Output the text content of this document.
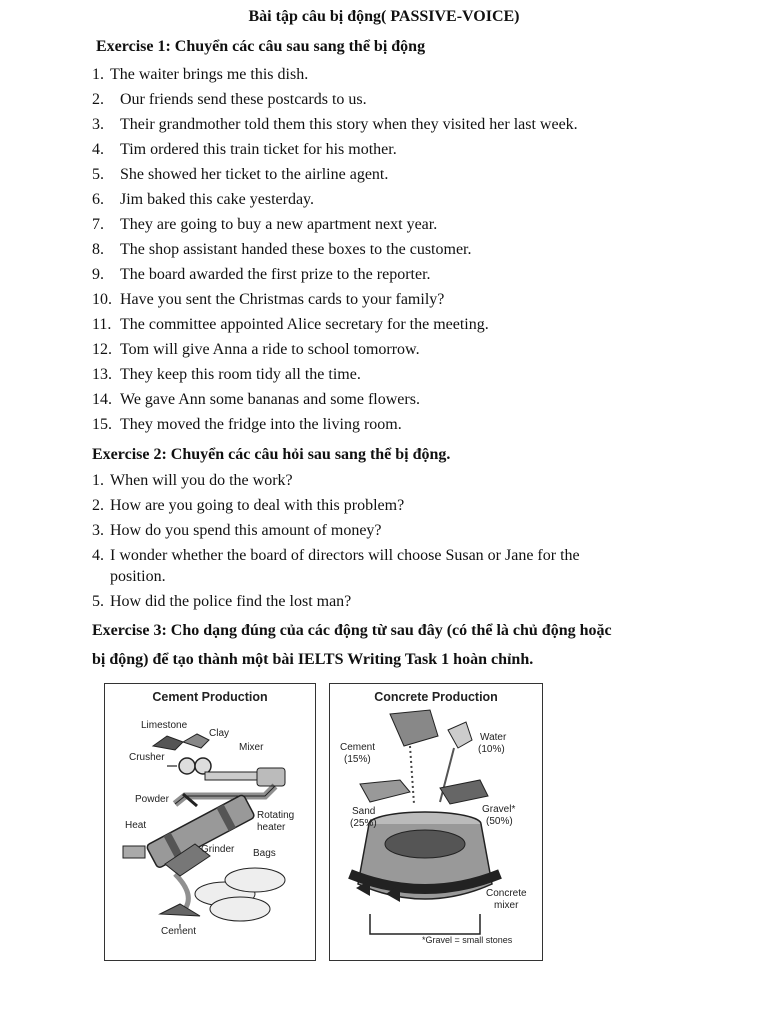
Bài tập câu bị động( PASSIVE-VOICE)
Exercise 1: Chuyển các câu sau sang thể bị động
1. The waiter brings me this dish.
2. Our friends send these postcards to us.
3. Their grandmother told them this story when they visited her last week.
4. Tim ordered this train ticket for his mother.
5. She showed her ticket to the airline agent.
6. Jim baked this cake yesterday.
7. They are going to buy a new apartment next year.
8. The shop assistant handed these boxes to the customer.
9. The board awarded the first prize to the reporter.
10. Have you sent the Christmas cards to your family?
11. The committee appointed Alice secretary for the meeting.
12. Tom will give Anna a ride to school tomorrow.
13. They keep this room tidy all the time.
14. We gave Ann some bananas and some flowers.
15. They moved the fridge into the living room.
Exercise 2: Chuyển các câu hỏi sau sang thể bị động.
1. When will you do the work?
2. How are you going to deal with this problem?
3. How do you spend this amount of money?
4. I wonder whether the board of directors will choose Susan or Jane for the
position.
5. How did the police find the lost man?
Exercise 3: Cho dạng đúng của các động từ sau đây (có thể là chủ động hoặc
bị động) để tạo thành một bài IELTS Writing Task 1 hoàn chỉnh.
Cement Production
Limestone
Clay
Mixer
Crusher
Powder
Rotating
heater
Heat
Grinder Bags
Cement
Concrete Production
Cement
(15%)
Water
(10%)
Sand
(25%)
Gravel*
(50%)
Concrete
mixer
*Gravel = small stones
